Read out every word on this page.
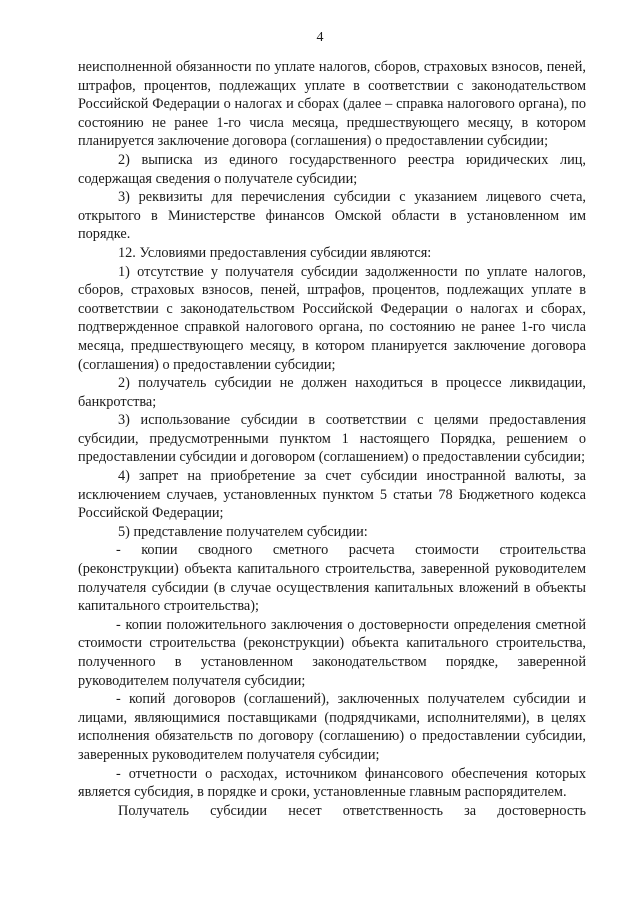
4

неисполненной обязанности по уплате налогов, сборов, страховых взносов, пеней, штрафов, процентов, подлежащих уплате в соответствии с законодательством Российской Федерации о налогах и сборах (далее – справка налогового органа), по состоянию не ранее 1-го числа месяца, предшествующего месяцу, в котором планируется заключение договора (соглашения) о предоставлении субсидии;

2) выписка из единого государственного реестра юридических лиц, содержащая сведения о получателе субсидии;

3) реквизиты для перечисления субсидии с указанием лицевого счета, открытого в Министерстве финансов Омской области в установленном им порядке.

12. Условиями предоставления субсидии являются:

1) отсутствие у получателя субсидии задолженности по уплате налогов, сборов, страховых взносов, пеней, штрафов, процентов, подлежащих уплате в соответствии с законодательством Российской Федерации о налогах и сборах, подтвержденное справкой налогового органа, по состоянию не ранее 1-го числа месяца, предшествующего месяцу, в котором планируется заключение договора (соглашения) о предоставлении субсидии;

2) получатель субсидии не должен находиться в процессе ликвидации, банкротства;

3) использование субсидии в соответствии с целями предоставления субсидии, предусмотренными пунктом 1 настоящего Порядка, решением о предоставлении субсидии и договором (соглашением) о предоставлении субсидии;

4) запрет на приобретение за счет субсидии иностранной валюты, за исключением случаев, установленных пунктом 5 статьи 78 Бюджетного кодекса Российской Федерации;

5) представление получателем субсидии:

- копии сводного сметного расчета стоимости строительства (реконструкции) объекта капитального строительства, заверенной руководителем получателя субсидии (в случае осуществления капитальных вложений в объекты капитального строительства);

- копии положительного заключения о достоверности определения сметной стоимости строительства (реконструкции) объекта капитального строительства, полученного в установленном законодательством порядке, заверенной руководителем получателя субсидии;

- копий договоров (соглашений), заключенных получателем субсидии и лицами, являющимися поставщиками (подрядчиками, исполнителями), в целях исполнения обязательств по договору (соглашению) о предоставлении субсидии, заверенных руководителем получателя субсидии;

- отчетности о расходах, источником финансового обеспечения которых является субсидия, в порядке и сроки, установленные главным распорядителем.

Получатель субсидии несет ответственность за достоверность
